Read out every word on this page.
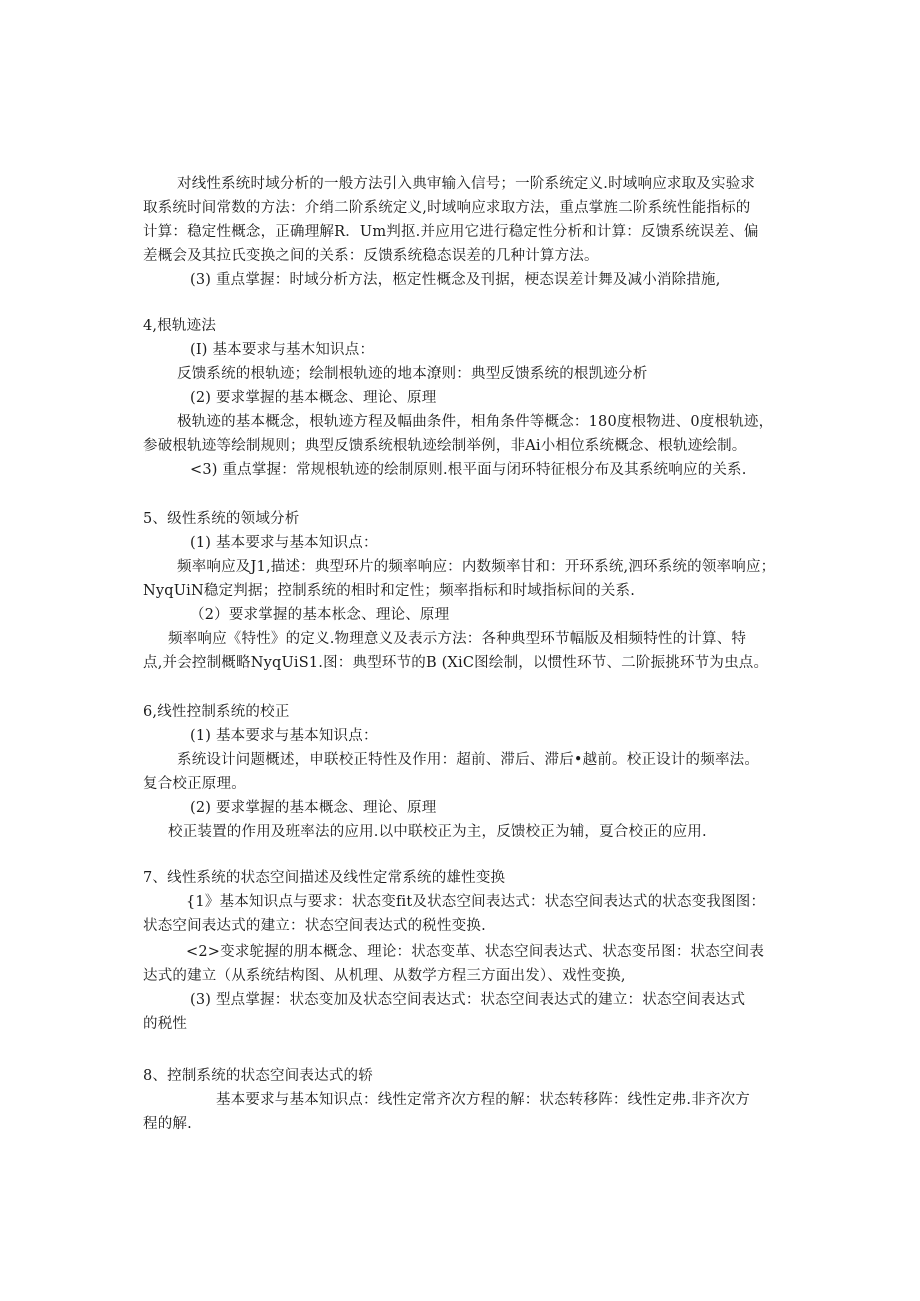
对线性系统时域分析的一般方法引入典审输入信号；一阶系统定义.时域响应求取及实验求
取系统时间常数的方法：介绡二阶系统定义,时域响应求取方法，重点掌旌二阶系统性能指标的
计算：稳定性概念，正确理解R．Um判抠.并应用它进行稳定性分析和计算：反馈系统误差、偏
差概会及其拉氏变换之间的关系：反馈系统稳态误差的几种计算方法。
(3) 重点掌握：时域分析方法，柩定性概念及刊据，梗态误差计舞及减小消除措施,
4,根轨迹法
(I) 基本要求与基木知识点：
反馈系统的根轨迹；绘制根轨迹的地本潦则：典型反馈系统的根凯迹分析
(2) 要求掌握的基本概念、理论、原理
极轨迹的基本概念，根轨迹方程及幅曲条件，相角条件等概念：180度根物进、0度根轨迹，
参破根轨迹等绘制规则；典型反馈系统根轨迹绘制举例，非Ai小相位系统概念、根轨迹绘制。
<3) 重点掌握：常规根轨迹的绘制原则.根平面与闭环特征根分布及其系统响应的关系.
5、级性系统的领域分析
(1) 基本要求与基本知识点：
频率响应及J1,描述：典型环片的频率响应：内数频率甘和：开环系统,泗环系统的领率响应；
NyqUiN稳定判据；控制系统的相时和定性；频率指标和时域指标间的关系.
（2）要求掌握的基本枨念、理论、原理
频率响应《特性》的定义.物理意义及表示方法：各种典型环节幅版及相频特性的计算、特
点,并会控制概略NyqUiS1.图：典型环节的B (XiC图绘制，以惯性环节、二阶振挑环节为虫点。
6,线性控制系统的校正
(1) 基本要求与基本知识点：
系统设计问题概述，申联校正特性及作用：超前、滞后、滞后•越前。校正设计的频率法。
复合校正原理。
(2) 要求掌握的基本概念、理论、原理
校正装置的作用及班率法的应用.以中联校正为主，反馈校正为辅，夏合校正的应用.
7、线性系统的状态空间描述及线性定常系统的雄性变换
{1》基本知识点与要求：状态变fit及状态空间表达式：状态空间表达式的状态变我图图：
状态空间表达式的建立：状态空间表达式的税性变换.
<2>变求鸵握的朋本概念、理论：状态变革、状态空间表达式、状态变吊图：状态空间表
达式的建立（从系统结构图、从机理、从数学方程三方面出发）、戏性变换,
(3) 型点掌握：状态变加及状态空间表达式：状态空间表达式的建立：状态空间表达式
的税性
8、控制系统的状态空间表达式的轿
基本要求与基本知识点：线性定常齐次方程的解：状态转移阵：线性定弗.非齐次方
程的解.
